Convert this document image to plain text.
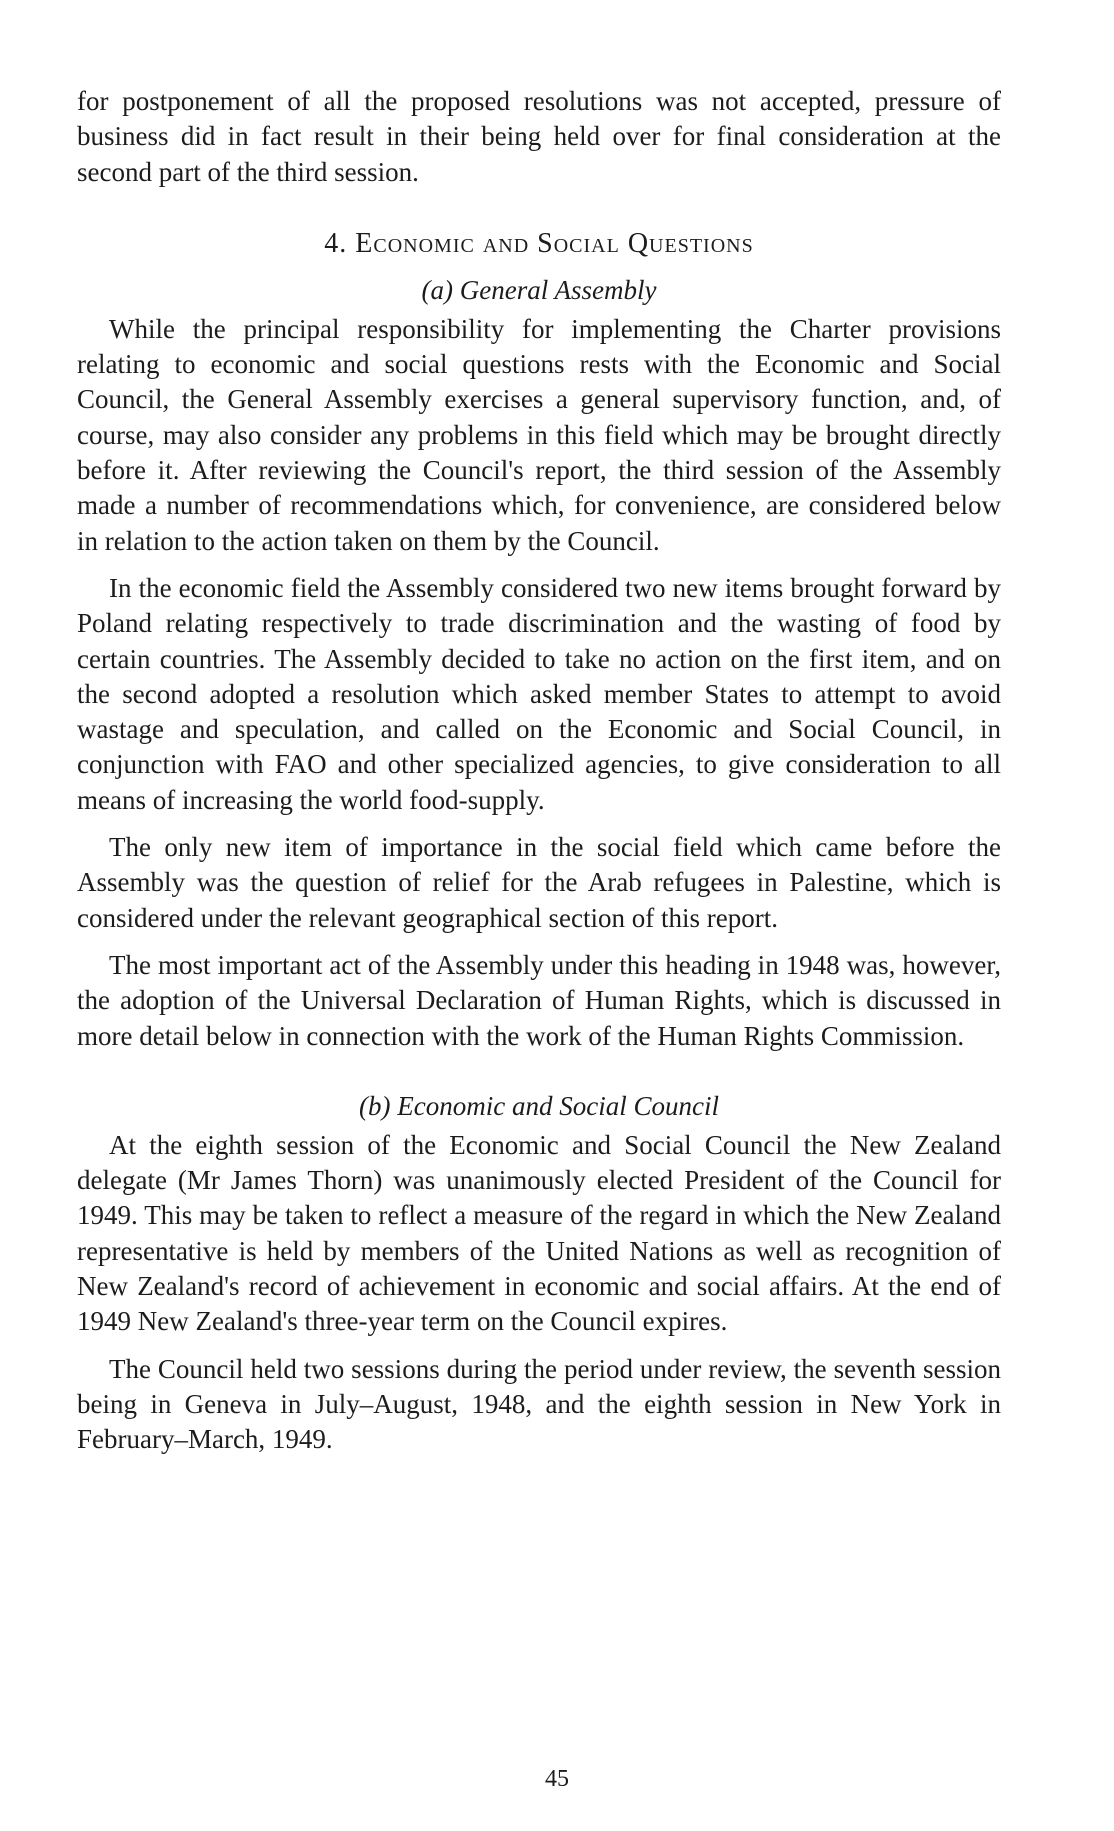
for postponement of all the proposed resolutions was not accepted, pressure of business did in fact result in their being held over for final consideration at the second part of the third session.

4. Economic and Social Questions
(a) General Assembly

While the principal responsibility for implementing the Charter provisions relating to economic and social questions rests with the Economic and Social Council, the General Assembly exercises a general supervisory function, and, of course, may also consider any problems in this field which may be brought directly before it. After reviewing the Council's report, the third session of the Assembly made a number of recommendations which, for convenience, are considered below in relation to the action taken on them by the Council.

In the economic field the Assembly considered two new items brought forward by Poland relating respectively to trade discrimination and the wasting of food by certain countries. The Assembly decided to take no action on the first item, and on the second adopted a resolution which asked member States to attempt to avoid wastage and speculation, and called on the Economic and Social Council, in conjunction with FAO and other specialized agencies, to give consideration to all means of increasing the world food-supply.

The only new item of importance in the social field which came before the Assembly was the question of relief for the Arab refugees in Palestine, which is considered under the relevant geographical section of this report.

The most important act of the Assembly under this heading in 1948 was, however, the adoption of the Universal Declaration of Human Rights, which is discussed in more detail below in connection with the work of the Human Rights Commission.

(b) Economic and Social Council

At the eighth session of the Economic and Social Council the New Zealand delegate (Mr James Thorn) was unanimously elected President of the Council for 1949. This may be taken to reflect a measure of the regard in which the New Zealand representative is held by members of the United Nations as well as recognition of New Zealand's record of achievement in economic and social affairs. At the end of 1949 New Zealand's three-year term on the Council expires.

The Council held two sessions during the period under review, the seventh session being in Geneva in July–August, 1948, and the eighth session in New York in February–March, 1949.

45
